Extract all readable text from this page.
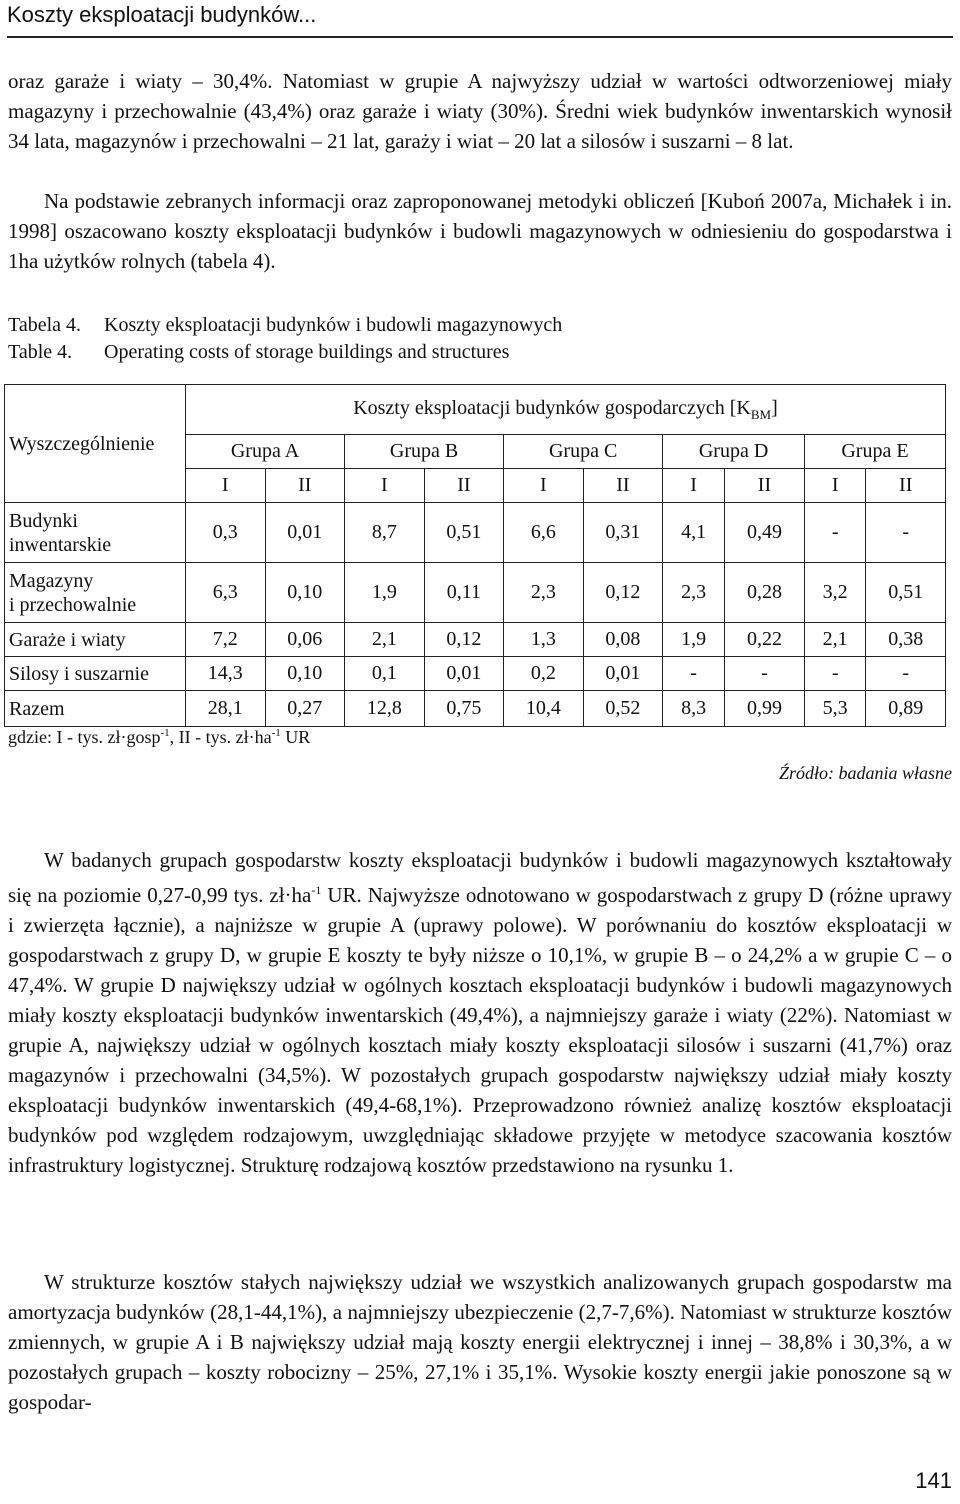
Koszty eksploatacji budynków...

oraz garaże i wiaty – 30,4%. Natomiast w grupie A najwyższy udział w wartości odtworzeniowej miały magazyny i przechowalnie (43,4%) oraz garaże i wiaty (30%). Średni wiek budynków inwentarskich wynosił 34 lata, magazynów i przechowalni – 21 lat, garaży i wiat – 20 lat a silosów i suszarni – 8 lat.

Na podstawie zebranych informacji oraz zaproponowanej metodyki obliczeń [Kuboń 2007a, Michałek i in. 1998] oszacowano koszty eksploatacji budynków i budowli magazynowych w odniesieniu do gospodarstwa i 1ha użytków rolnych (tabela 4).

Tabela 4. Koszty eksploatacji budynków i budowli magazynowych

Table 4. Operating costs of storage buildings and structures

Wyszczególnienie	Koszty eksploatacji budynków gospodarczych $[K_{BM}]$									
	Grupa A		Grupa B		Grupa C		Grupa D		Grupa E	
	I	II	I	II	I	II	I	II	I	II
Budynki
inwentarskie	0,3	0,01	8,7	0,51	6,6	0,31	4,1	0,49	-	-
Magazyny
i przechowalnie	6,3	0,10	1,9	0,11	2,3	0,12	2,3	0,28	3,2	0,51
Garaże i wiaty	7,2	0,06	2,1	0,12	1,3	0,08	1,9	0,22	2,1	0,38
Silosy i suszarnie	14,3	0,10	0,1	0,01	0,2	0,01	-	-	-	-
Razem	28,1	0,27	12,8	0,75	10,4	0,52	8,3	0,99	5,3	0,89
gdzie: I - tys. zł·gosp$^{-1}$, II - tys. $zł\cdot ha^{-1}$ UR
Źródło: badania własne

W badanych grupach gospodarstw koszty eksploatacji budynków i budowli magazynowych kształtowały się na poziomie 0,27-0,99 tys. $zł\cdot ha^{-1}$ UR. Najwyższe odnotowano w gospodarstwach z grupy D (różne uprawy i zwierzęta łącznie), a najniższe w grupie A (uprawy polowe). W porównaniu do kosztów eksploatacji w gospodarstwach z grupy D, w grupie E koszty te były niższe o 10,1%, w grupie B – o 24,2% a w grupie C – o 47,4%. W grupie D największy udział w ogólnych kosztach eksploatacji budynków i budowli magazynowych miały koszty eksploatacji budynków inwentarskich (49,4%), a najmniejszy garaże i wiaty (22%). Natomiast w grupie A, największy udział w ogólnych kosztach miały koszty eksploatacji silosów i suszarni (41,7%) oraz magazynów i przechowalni (34,5%). W pozostałych grupach gospodarstw największy udział miały koszty eksploatacji budynków inwentarskich (49,4-68,1%). Przeprowadzono również analizę kosztów eksploatacji budynków pod względem rodzajowym, uwzględniając składowe przyjęte w metodyce szacowania kosztów infrastruktury logistycznej. Strukturę rodzajową kosztów przedstawiono na rysunku 1.

W strukturze kosztów stałych największy udział we wszystkich analizowanych grupach gospodarstw ma amortyzacja budynków (28,1-44,1%), a najmniejszy ubezpieczenie (2,7-7,6%). Natomiast w strukturze kosztów zmiennych, w grupie A i B największy udział mają koszty energii elektrycznej i innej – 38,8% i 30,3%, a w pozostałych grupach – koszty robocizny – 25%, 27,1% i 35,1%. Wysokie koszty energii jakie ponoszone są w gospodar-

141
